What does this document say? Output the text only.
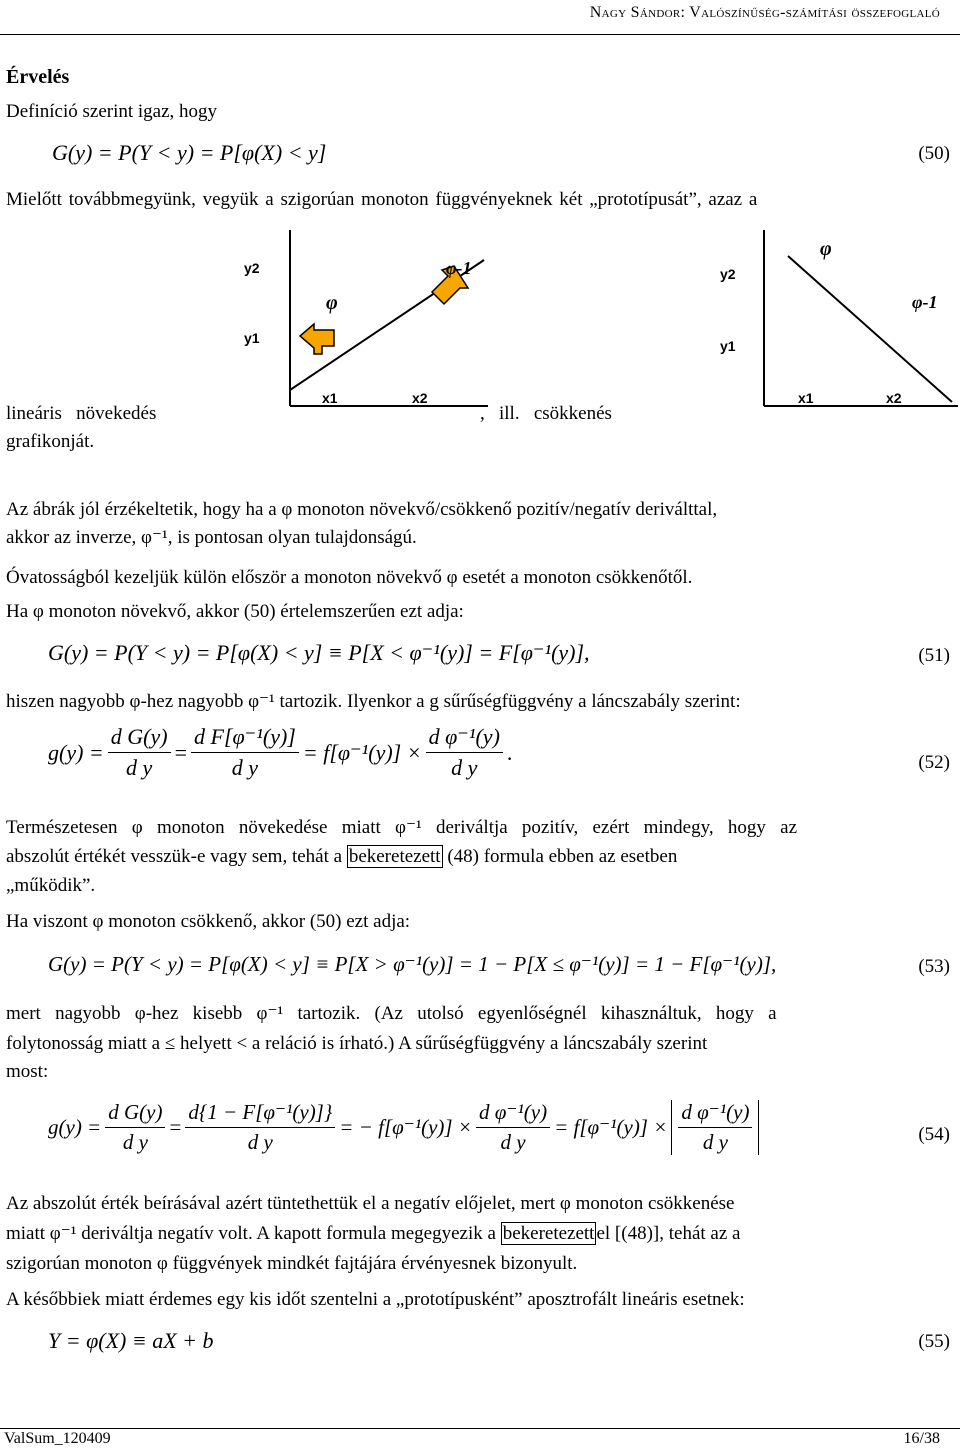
Nagy Sándor: Valószínűség-számítási összefoglaló
Érvelés
Definíció szerint igaz, hogy
G(y) = P(Y < y) = P[φ(X) < y]	(50)
Mielőtt továbbmegyünk, vegyük a szigorúan monoton függvényeknek két „prototípusát”, azaz a
y2
y1
φ
φ-1
x1	x2
y2
y1
φ
φ-1
x1	x2
lineáris   növekedés	,   ill.   csökkenés
grafikonját.
Az ábrák jól érzékeltetik, hogy ha a φ monoton növekvő/csökkenő pozitív/negatív deriválttal,
akkor az inverze, φ⁻¹, is pontosan olyan tulajdonságú.
Óvatosságból kezeljük külön először a monoton növekvő φ esetét a monoton csökkenőtől.
Ha φ monoton növekvő, akkor (50) értelemszerűen ezt adja:
G(y) = P(Y < y) = P[φ(X) < y] ≡ P[X < φ⁻¹(y)] = F[φ⁻¹(y)],	(51)
hiszen nagyobb φ-hez nagyobb φ⁻¹ tartozik. Ilyenkor a g sűrűségfüggvény a láncszabály szerint:
$g(y) = \frac{\text{d G(y)}}{\text{d y}} = \frac{\text{d F[φ⁻¹(y)]}}{\text{d y}} = f[\varphi^{-1}(y)] \times \frac{\text{d φ⁻¹(y)}}{\text{d y}}$ .	(52)
Természetesen   φ   monoton   növekedése   miatt   φ⁻¹   deriváltja   pozitív,   ezért   mindegy,   hogy   az
abszolút értékét vesszük-e vagy sem, tehát a bekeretezett (48) formula ebben az esetben
„működik”.
Ha viszont φ monoton csökkenő, akkor (50) ezt adja:
G(y) = P(Y < y) = P[φ(X) < y] ≡ P[X > φ⁻¹(y)] = 1 − P[X ≤ φ⁻¹(y)] = 1 − F[φ⁻¹(y)],	(53)
mert   nagyobb   φ-hez   kisebb   φ⁻¹   tartozik.   (Az   utolsó   egyenlőségnél   kihasználtuk,   hogy   a
folytonosság miatt a ≤ helyett < a reláció is írható.) A sűrűségfüggvény a láncszabály szerint
most:
$g(y) = \frac{\text{d G(y)}}{\text{d y}} = \frac{\text{d\{1 − F[φ⁻¹(y)]\}}}{\text{d y}}$ = − $f[\varphi^{-1}(y)] \times \frac{\text{d φ⁻¹(y)}}{\text{d y}} = f[\varphi^{-1}(y)] \times \frac{\text{d φ⁻¹(y)}}{\text{d y}}$	(54)
Az abszolút érték beírásával azért tüntethettük el a negatív előjelet, mert φ monoton csökkenése
miatt φ⁻¹ deriváltja negatív volt. A kapott formula megegyezik a bekeretezett el [(48)], tehát az a
szigorúan monoton φ függvények mindkét fajtájára érvényesnek bizonyult.
A későbbiek miatt érdemes egy kis időt szentelni a „prototípusként” aposztrofált lineáris esetnek:
Y = φ(X) ≡ aX + b	(55)
ValSum_120409	16/38
